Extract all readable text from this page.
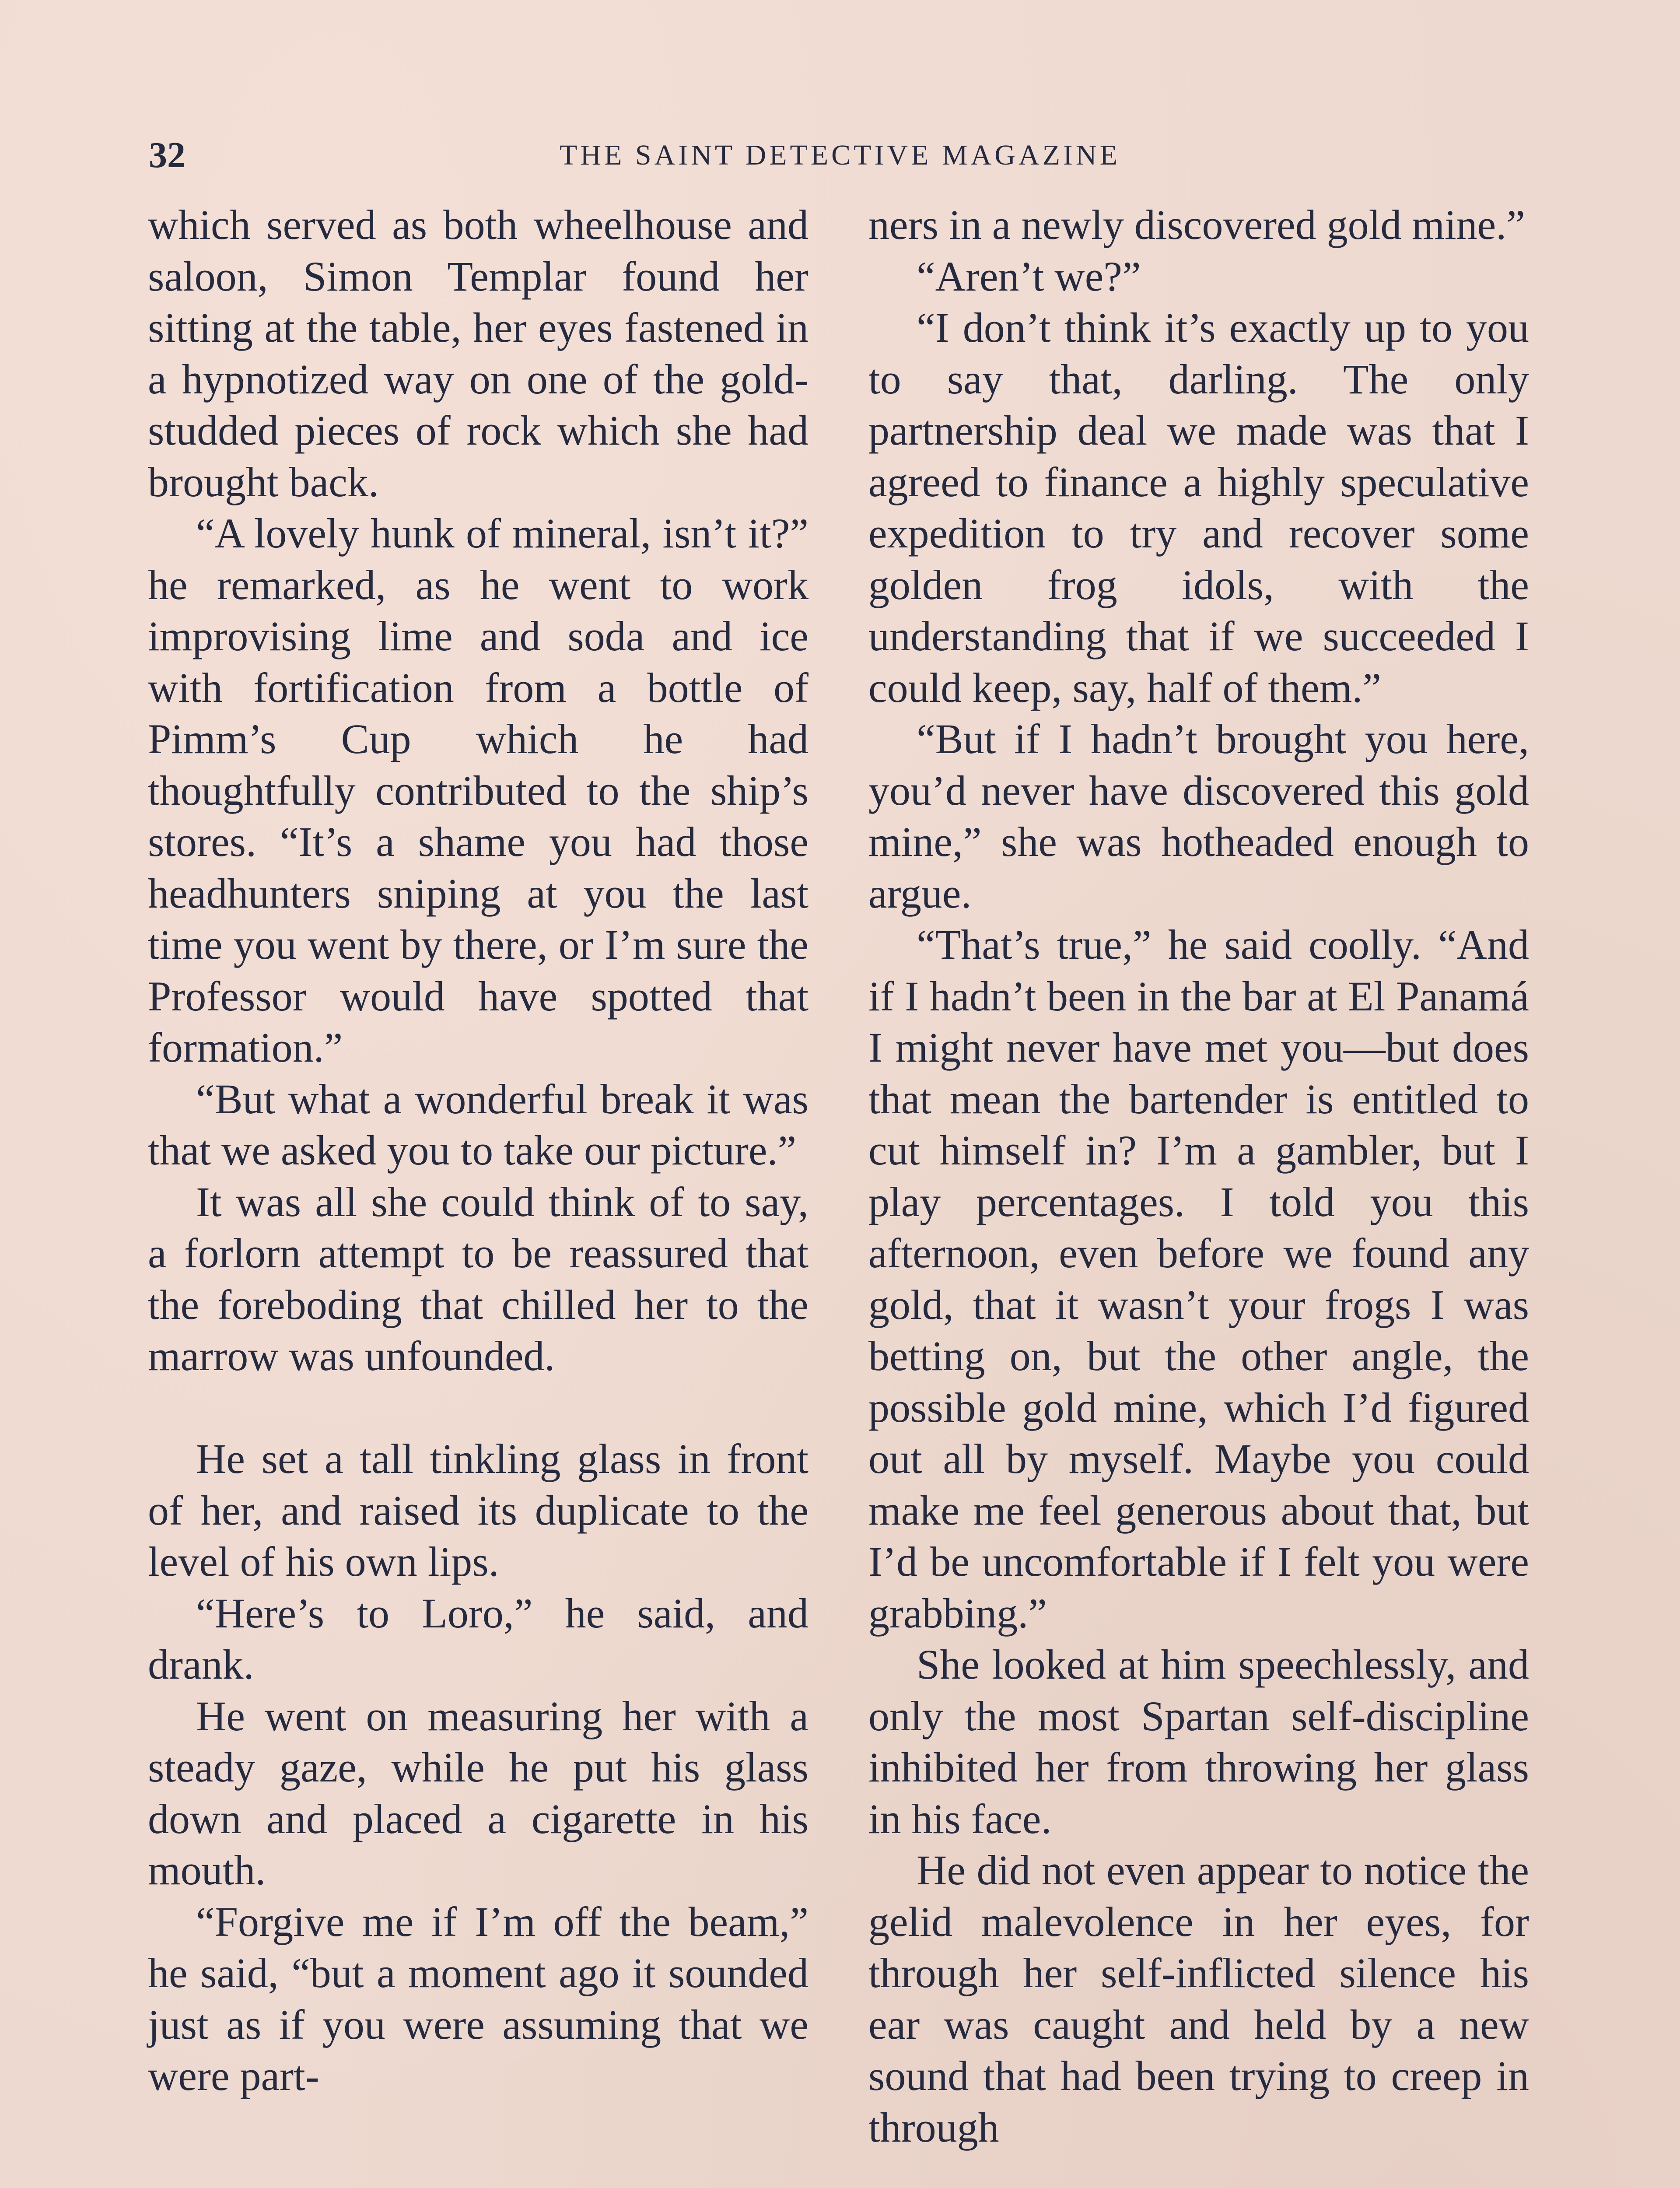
32	THE SAINT DETECTIVE MAGAZINE

which served as both wheelhouse and saloon, Simon Templar found her sitting at the table, her eyes fastened in a hypnotized way on one of the gold-studded pieces of rock which she had brought back.

“A lovely hunk of mineral, isn’t it?” he remarked, as he went to work improvising lime and soda and ice with fortification from a bottle of Pimm’s Cup which he had thoughtfully contributed to the ship’s stores. “It’s a shame you had those headhunters sniping at you the last time you went by there, or I’m sure the Professor would have spotted that formation.”

“But what a wonderful break it was that we asked you to take our picture.”

It was all she could think of to say, a forlorn attempt to be reassured that the foreboding that chilled her to the marrow was unfounded.

He set a tall tinkling glass in front of her, and raised its duplicate to the level of his own lips.

“Here’s to Loro,” he said, and drank.

He went on measuring her with a steady gaze, while he put his glass down and placed a cigarette in his mouth.

“Forgive me if I’m off the beam,” he said, “but a moment ago it sounded just as if you were assuming that we were part-

ners in a newly discovered gold mine.”

“Aren’t we?”

“I don’t think it’s exactly up to you to say that, darling. The only partnership deal we made was that I agreed to finance a highly speculative expedition to try and recover some golden frog idols, with the understanding that if we succeeded I could keep, say, half of them.”

“But if I hadn’t brought you here, you’d never have discovered this gold mine,” she was hotheaded enough to argue.

“That’s true,” he said coolly. “And if I hadn’t been in the bar at El Panamá I might never have met you—but does that mean the bartender is entitled to cut himself in? I’m a gambler, but I play percentages. I told you this afternoon, even before we found any gold, that it wasn’t your frogs I was betting on, but the other angle, the possible gold mine, which I’d figured out all by myself. Maybe you could make me feel generous about that, but I’d be uncomfortable if I felt you were grabbing.”

She looked at him speechlessly, and only the most Spartan self-discipline inhibited her from throwing her glass in his face.

He did not even appear to notice the gelid malevolence in her eyes, for through her self-inflicted silence his ear was caught and held by a new sound that had been trying to creep in through
